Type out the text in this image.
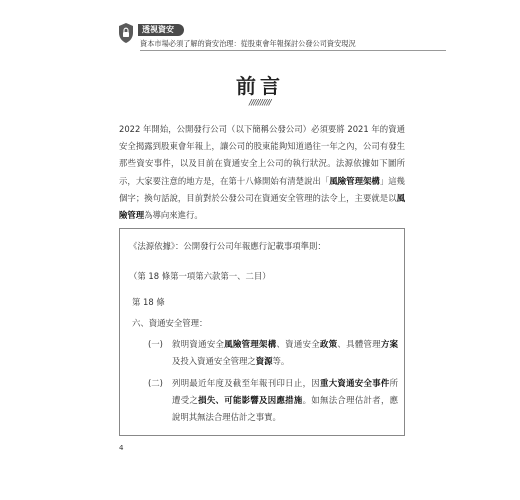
透視資安
資本市場必須了解的資安治理：從股東會年報探討公發公司資安現況
前言
//////////
2022 年開始，公開發行公司（以下簡稱公發公司）必須要將 2021 年的資通安全揭露到股東會年報上，讓公司的股東能夠知道過往一年之內，公司有發生那些資安事件，以及目前在資通安全上公司的執行狀況。法源依據如下圖所示，大家要注意的地方是，在第十八條開始有清楚說出「風險管理架構」這幾個字；換句話說，目前對於公發公司在資通安全管理的法令上，主要就是以風險管理為導向來進行。
《法源依據》：公開發行公司年報應行記載事項準則：
（第 18 條第一項第六款第一、二目）
第 18 條
六、資通安全管理：
(一) 敘明資通安全風險管理架構、資通安全政策、具體管理方案及投入資通安全管理之資源等。
(二) 列明最近年度及截至年報刊印日止，因重大資通安全事件所遭受之損失、可能影響及因應措施。如無法合理估計者，應說明其無法合理估計之事實。
4
